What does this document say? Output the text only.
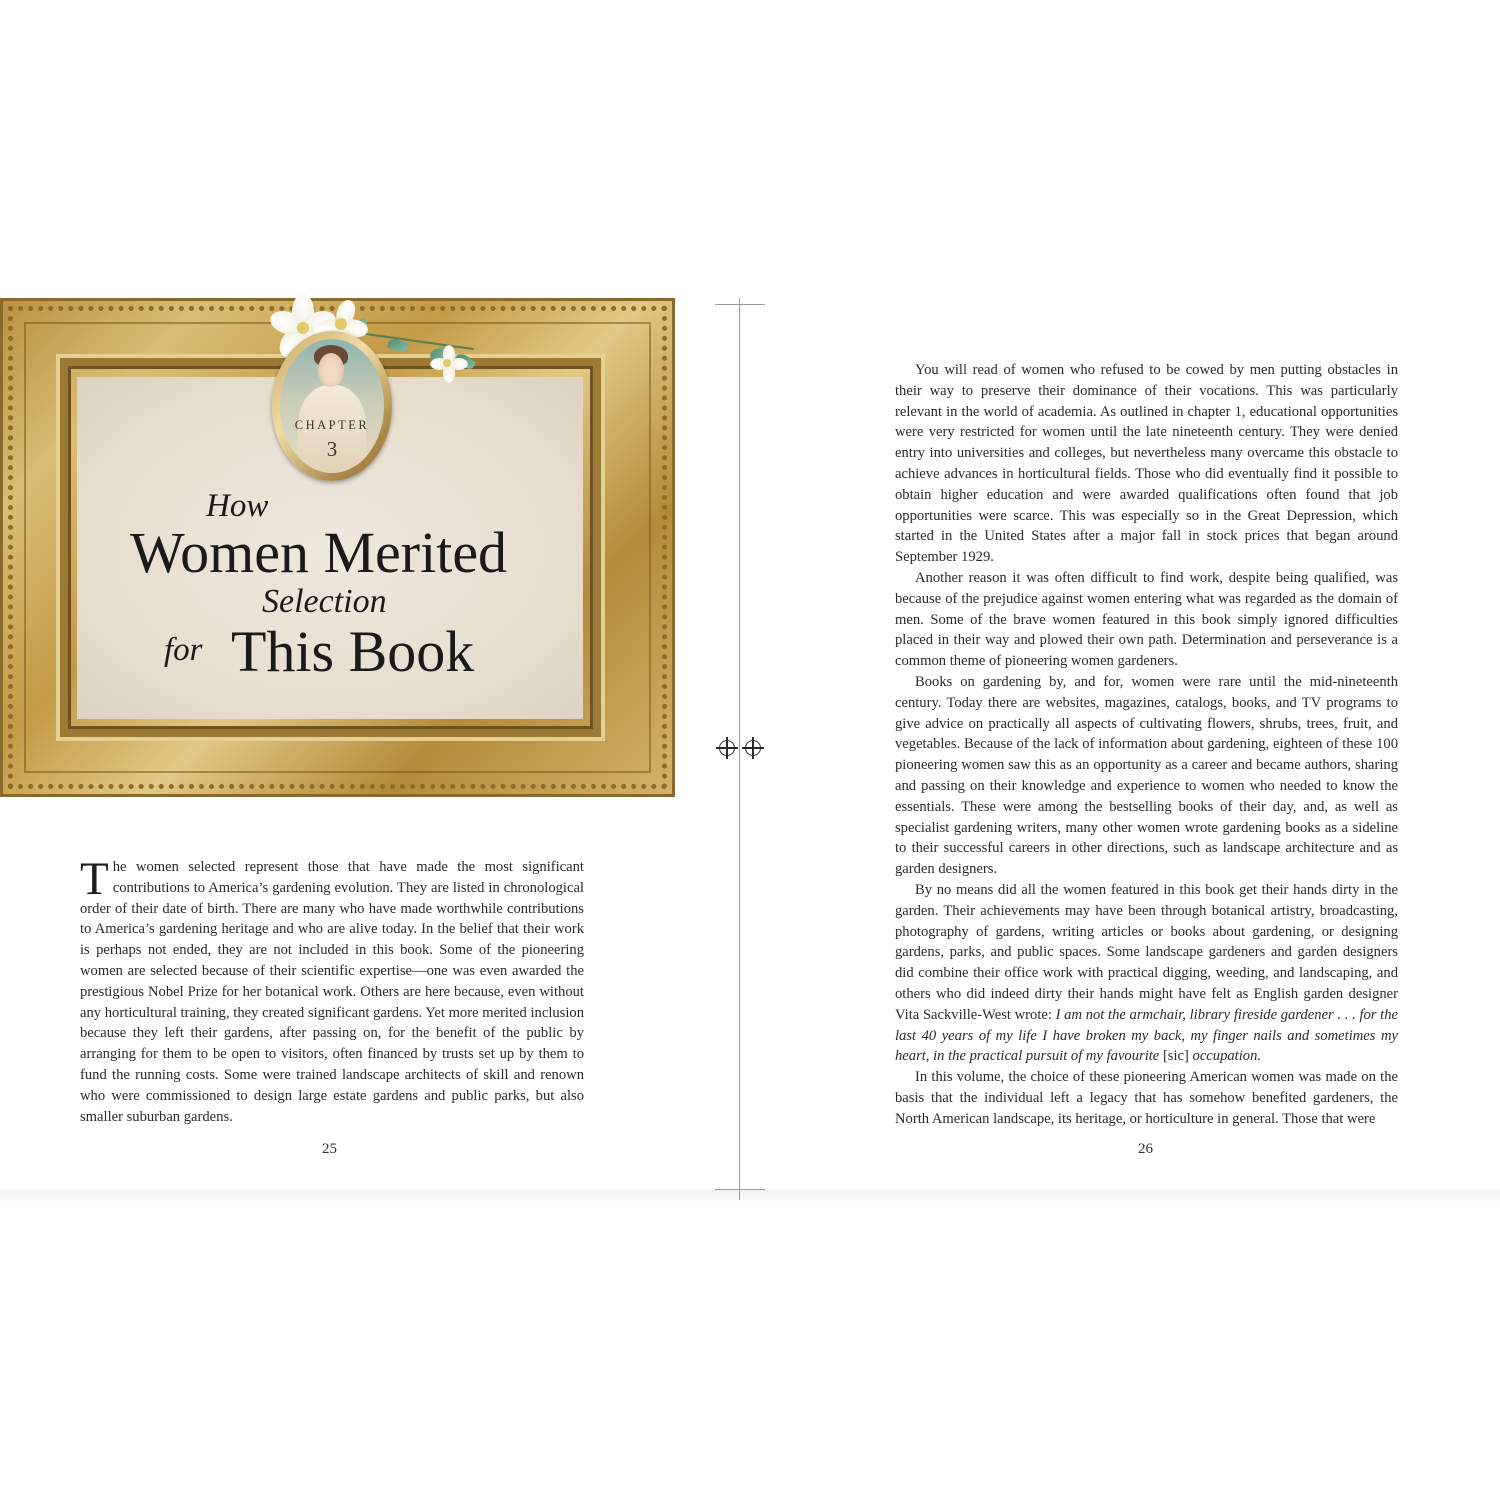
CHAPTER
3
How
Women Merited
Selection
for This Book

The women selected represent those that have made the most significant contributions to America’s gardening evolution. They are listed in chronological order of their date of birth. There are many who have made worthwhile contributions to America’s gardening heritage and who are alive today. In the belief that their work is perhaps not ended, they are not included in this book. Some of the pioneering women are selected because of their scientific expertise—one was even awarded the prestigious Nobel Prize for her botanical work. Others are here because, even without any horticultural training, they created significant gardens. Yet more merited inclusion because they left their gardens, after passing on, for the benefit of the public by arranging for them to be open to visitors, often financed by trusts set up by them to fund the running costs. Some were trained landscape architects of skill and renown who were commissioned to design large estate gardens and public parks, but also smaller suburban gardens.

25

You will read of women who refused to be cowed by men putting obstacles in their way to preserve their dominance of their vocations. This was particularly relevant in the world of academia. As outlined in chapter 1, educational opportunities were very restricted for women until the late nineteenth century. They were denied entry into universities and colleges, but nevertheless many overcame this obstacle to achieve advances in horticultural fields. Those who did eventually find it possible to obtain higher education and were awarded qualifications often found that job opportunities were scarce. This was especially so in the Great Depression, which started in the United States after a major fall in stock prices that began around September 1929.

Another reason it was often difficult to find work, despite being qualified, was because of the prejudice against women entering what was regarded as the domain of men. Some of the brave women featured in this book simply ignored difficulties placed in their way and plowed their own path. Determination and perseverance is a common theme of pioneering women gardeners.

Books on gardening by, and for, women were rare until the mid-nineteenth century. Today there are websites, magazines, catalogs, books, and TV programs to give advice on practically all aspects of cultivating flowers, shrubs, trees, fruit, and vegetables. Because of the lack of information about gardening, eighteen of these 100 pioneering women saw this as an opportunity as a career and became authors, sharing and passing on their knowledge and experience to women who needed to know the essentials. These were among the bestselling books of their day, and, as well as specialist gardening writers, many other women wrote gardening books as a sideline to their successful careers in other directions, such as landscape architecture and as garden designers.

By no means did all the women featured in this book get their hands dirty in the garden. Their achievements may have been through botanical artistry, broadcasting, photography of gardens, writing articles or books about gardening, or designing gardens, parks, and public spaces. Some landscape gardeners and garden designers did combine their office work with practical digging, weeding, and landscaping, and others who did indeed dirty their hands might have felt as English garden designer Vita Sackville-West wrote: I am not the armchair, library fireside gardener . . . for the last 40 years of my life I have broken my back, my finger nails and sometimes my heart, in the practical pursuit of my favourite [sic] occupation.

In this volume, the choice of these pioneering American women was made on the basis that the individual left a legacy that has somehow benefited gardeners, the North American landscape, its heritage, or horticulture in general. Those that were

26
